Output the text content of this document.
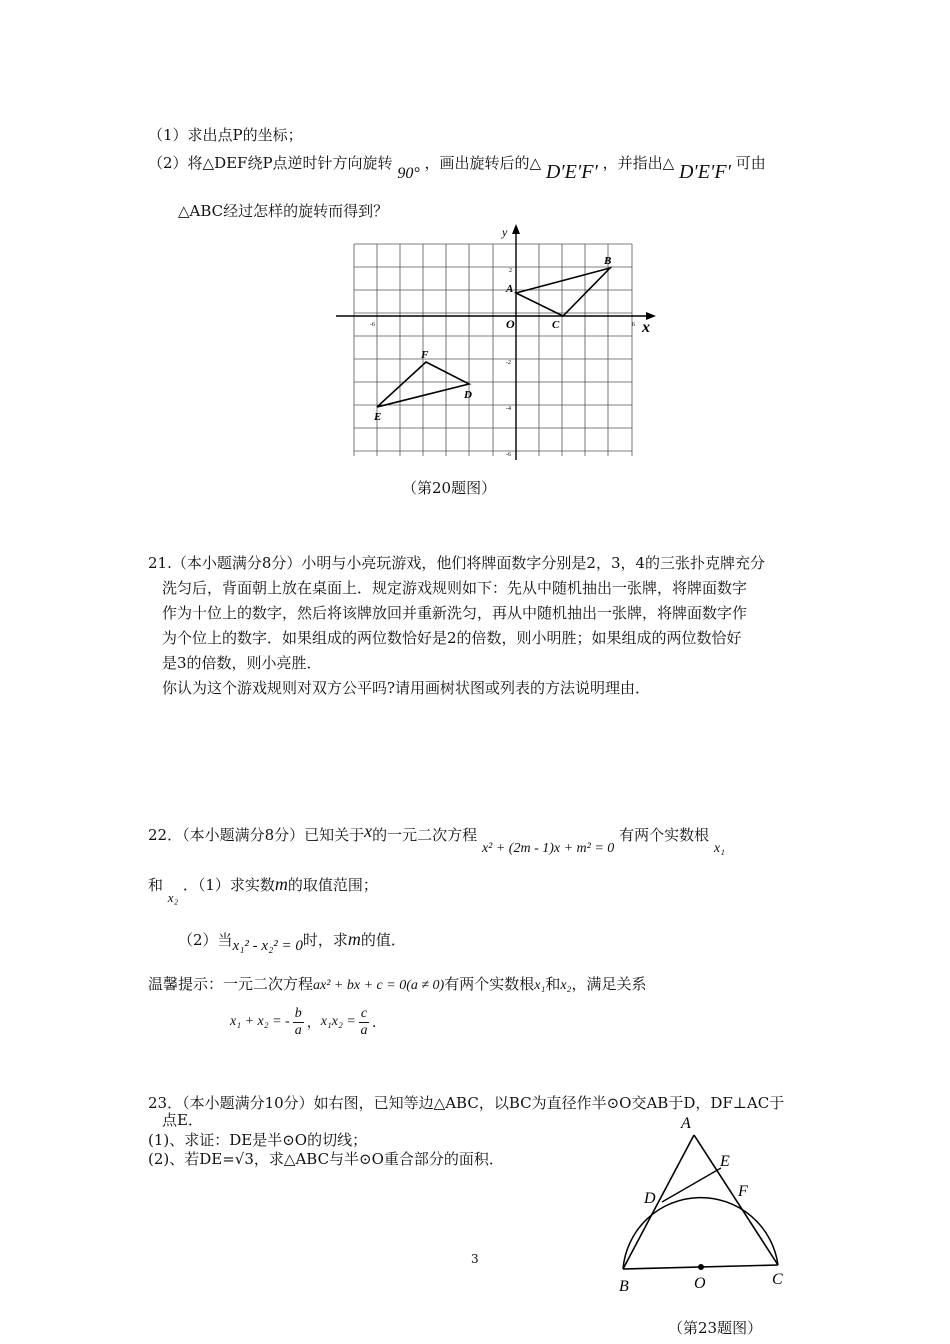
（1）求出点P的坐标；
（2）将△DEF绕P点逆时针方向旋转 90° ，画出旋转后的△ D′E′F′ ，并指出△ D′E′F′ 可由
△ABC经过怎样的旋转而得到？
y
x
O
-6	6
2
-2
-4
-6
A
B
C
D
E
F
（第20题图）
21.（本小题满分8分）小明与小亮玩游戏，他们将牌面数字分别是2，3，4的三张扑克牌充分
洗匀后，背面朝上放在桌面上．规定游戏规则如下：先从中随机抽出一张牌，将牌面数字
作为十位上的数字，然后将该牌放回并重新洗匀，再从中随机抽出一张牌，将牌面数字作
为个位上的数字．如果组成的两位数恰好是2的倍数，则小明胜；如果组成的两位数恰好
是3的倍数，则小亮胜．
你认为这个游戏规则对双方公平吗?请用画树状图或列表的方法说明理由．
22．（本小题满分8分）已知关于x的一元二次方程 x² + (2m - 1)x + m² = 0 有两个实数根 x₁
和 x₂ ．（1）求实数m的取值范围；
（2）当x₁² - x₂² = 0时，求m的值．
温馨提示：一元二次方程ax² + bx + c = 0(a ≠ 0)有两个实数根x₁和x₂，满足关系
x₁ + x₂ = - $\frac{b}{a}$ ， $x_1x_2 = \frac{c}{a}$ ．
23．（本小题满分10分）如右图，已知等边△ABC，以BC为直径作半⊙O交AB于D，DF⊥AC于
点E．
(1)、求证：DE是半⊙O的切线；
(2)、若DE=√3，求△ABC与半⊙O重合部分的面积．
A
E
F
D
B	O	C
（第23题图）
3
